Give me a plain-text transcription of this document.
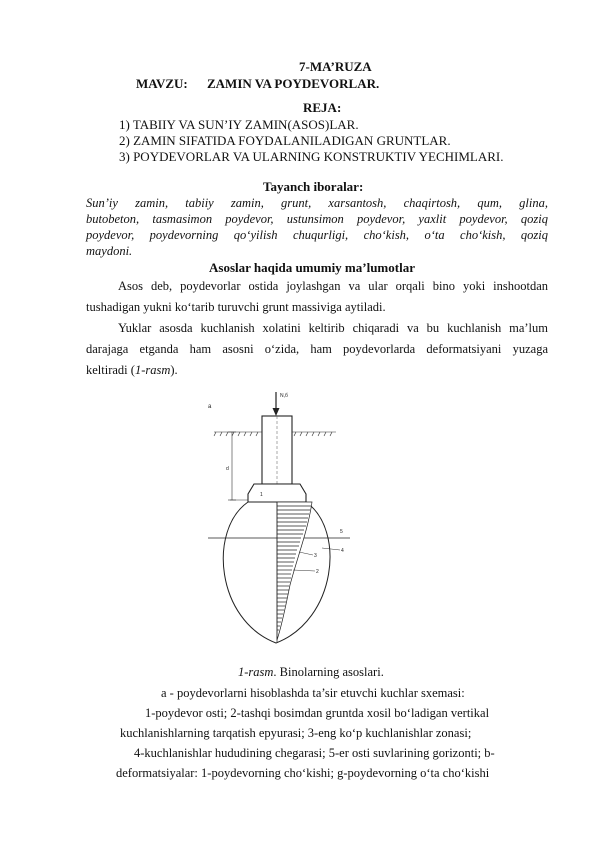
7-MA’RUZA
MAVZU: ZAMIN VA POYDEVORLAR.
REJA:
1) TABIIY VA SUN’IY ZAMIN(ASOS)LAR.
2) ZAMIN SIFATIDA FOYDALANILADIGAN GRUNTLAR.
3) POYDEVORLAR VA ULARNING KONSTRUKTIV YECHIMLARI.
Tayanch iboralar:
Sun’iy zamin, tabiiy zamin, grunt, xarsantosh, chaqirtosh, qum, glina,
butobeton, tasmasimon poydevor, ustunsimon poydevor, yaxlit poydevor, qoziq
poydevor, poydevorning qo‘yilish chuqurligi, cho‘kish, o‘ta cho‘kish, qoziq
maydoni.
Asoslar haqida umumiy ma’lumotlar
Asos deb, poydevorlar ostida joylashgan va ular orqali bino yoki inshootdan
tushadigan yukni ko‘tarib turuvchi grunt massiviga aytiladi.
Yuklar asosda kuchlanish xolatini keltirib chiqaradi va bu kuchlanish ma’lum
darajaga etganda ham asosni o‘zida, ham poydevorlarda deformatsiyani yuzaga
keltiradi (1-rasm).
a
N,б
d
1
5
4
3
2
1-rasm. Binolarning asoslari.
a - poydevorlarni hisoblashda ta’sir etuvchi kuchlar sxemasi:
1-poydevor osti; 2-tashqi bosimdan gruntda xosil bo‘ladigan vertikal
kuchlanishlarning tarqatish epyurasi; 3-eng ko‘p kuchlanishlar zonasi;
4-kuchlanishlar hududining chegarasi; 5-er osti suvlarining gorizonti; b-
deformatsiyalar: 1-poydevorning cho‘kishi; g-poydevorning o‘ta cho‘kishi
